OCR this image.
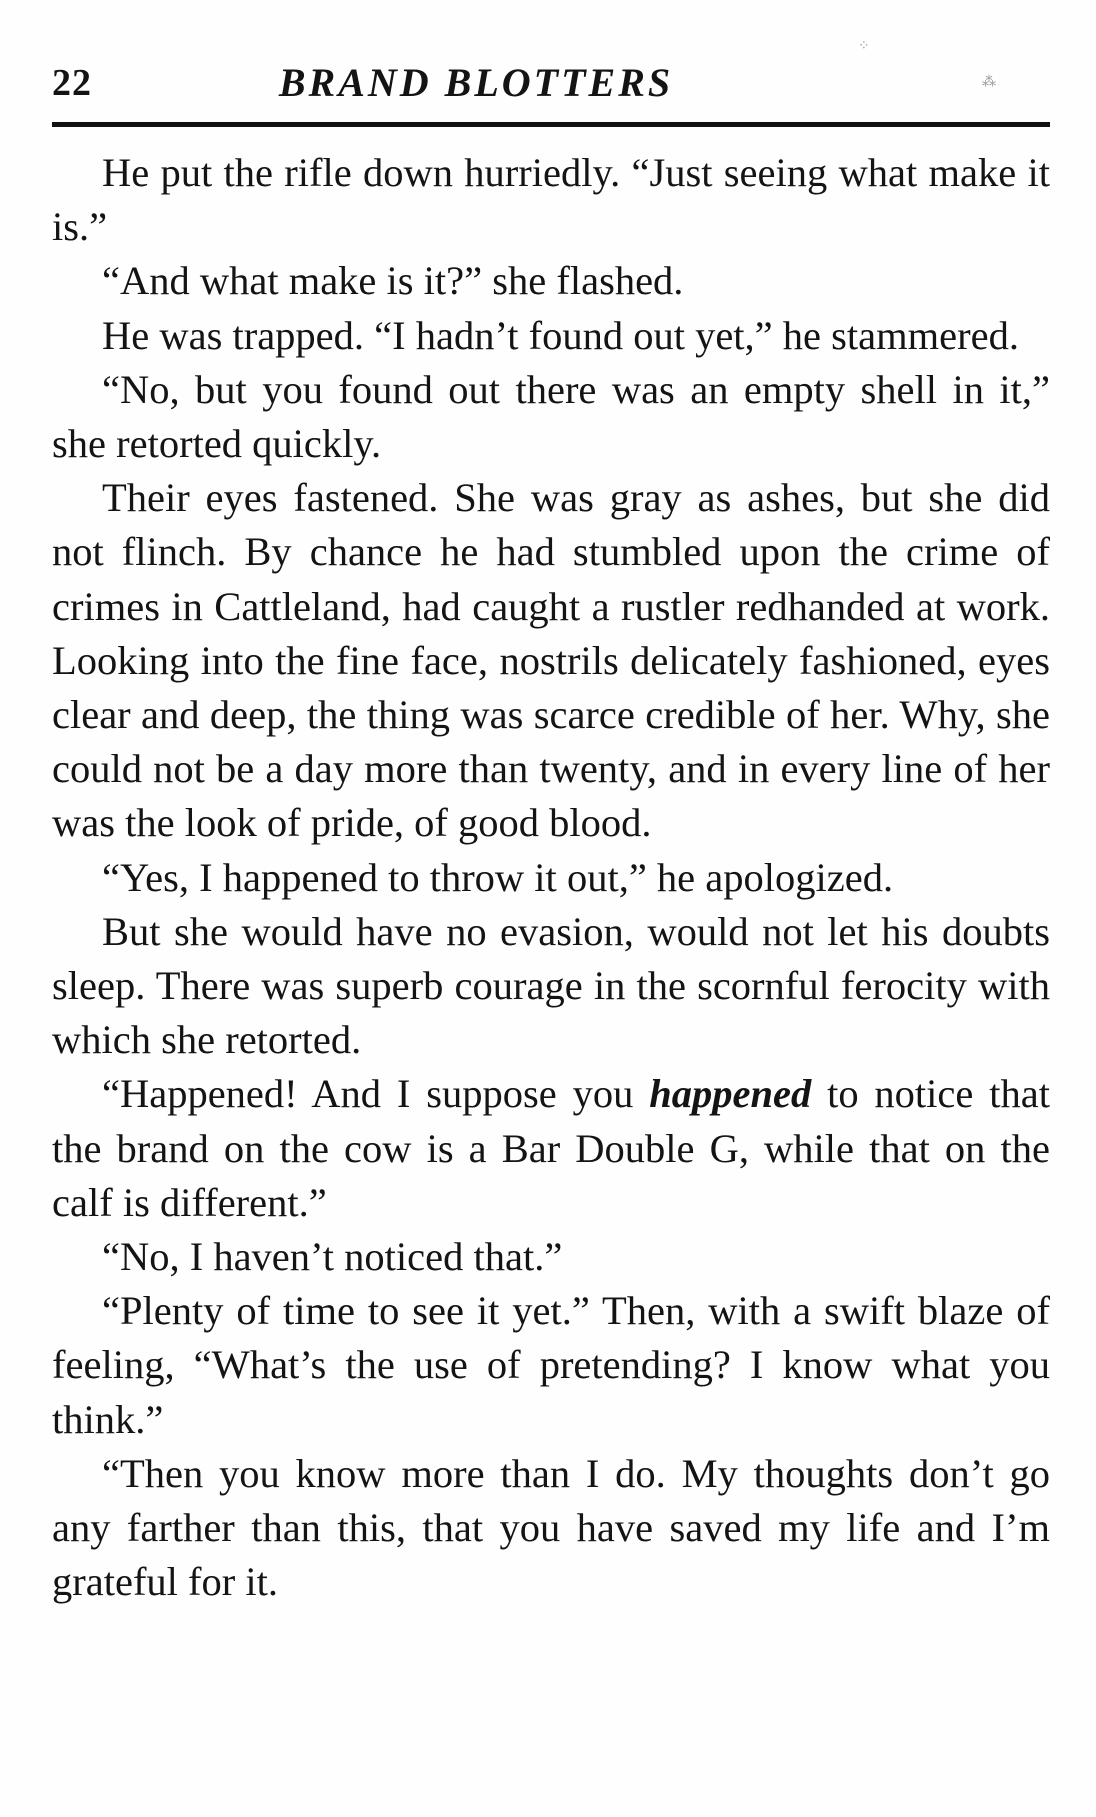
22	BRAND BLOTTERS
⁘
⁂

He put the rifle down hurriedly. “Just seeing what make it is.”

“And what make is it?” she flashed.

He was trapped. “I hadn’t found out yet,” he stammered.

“No, but you found out there was an empty shell in it,” she retorted quickly.

Their eyes fastened. She was gray as ashes, but she did not flinch. By chance he had stumbled upon the crime of crimes in Cattleland, had caught a rustler redhanded at work. Looking into the fine face, nostrils delicately fashioned, eyes clear and deep, the thing was scarce credible of her. Why, she could not be a day more than twenty, and in every line of her was the look of pride, of good blood.

“Yes, I happened to throw it out,” he apologized.

But she would have no evasion, would not let his doubts sleep. There was superb courage in the scornful ferocity with which she retorted.

“Happened! And I suppose you happened to notice that the brand on the cow is a Bar Double G, while that on the calf is different.”

“No, I haven’t noticed that.”

“Plenty of time to see it yet.” Then, with a swift blaze of feeling, “What’s the use of pretending? I know what you think.”

“Then you know more than I do. My thoughts don’t go any farther than this, that you have saved my life and I’m grateful for it.
